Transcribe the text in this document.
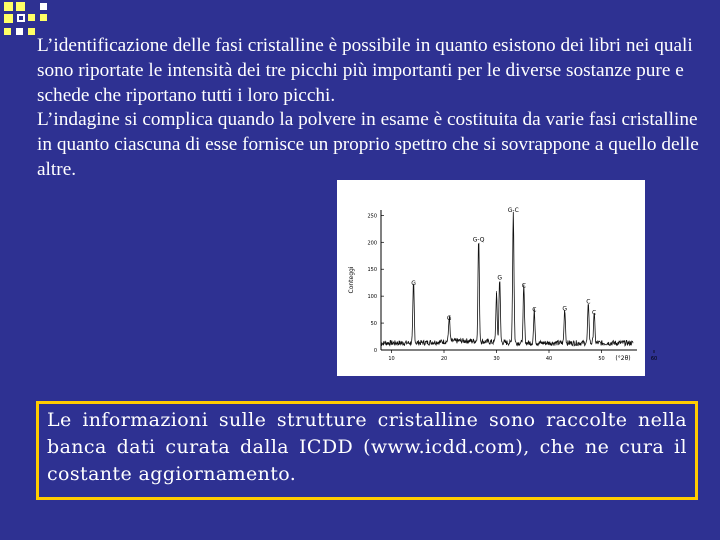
L’identificazione delle fasi cristalline è possibile in quanto esistono dei libri nei quali sono riportate le intensità dei tre picchi più importanti per le diverse sostanze pure e schede che riportano tutti i loro picchi.
L’indagine si complica quando la polvere in esame è costituita da varie fasi cristalline in quanto ciascuna di esse fornisce un proprio spettro che si sovrappone a quello delle altre.

Conteggi
250
200
150
100
50
0
10	20	30	40	50	60
(°2θ)
G-C
G-Q
G
G
G
I
C
C	G
C
C

Le informazioni sulle strutture cristalline sono raccolte nella banca dati curata dalla ICDD (www.icdd.com), che ne cura il costante aggiornamento.
